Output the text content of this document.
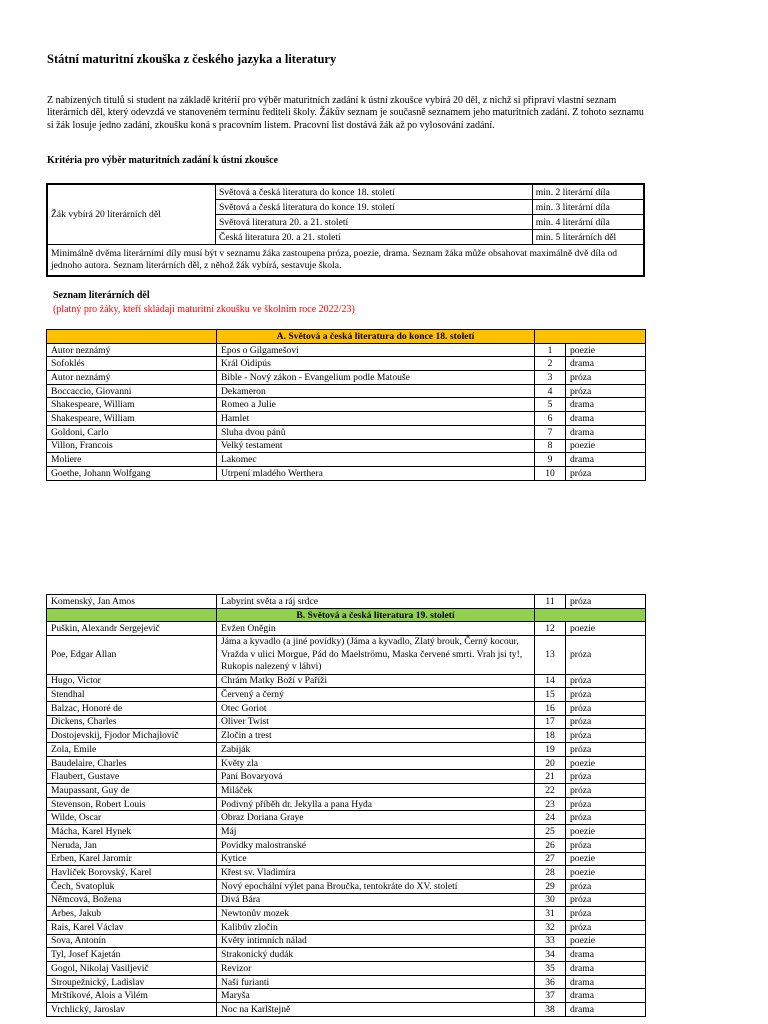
Státní maturitní zkouška z českého jazyka a literatury

Z nabízených titulů si student na základě kritérií pro výběr maturitních zadání k ústní zkoušce vybírá 20 děl, z nichž si připraví vlastní seznam literárních děl, který odevzdá ve stanoveném termínu řediteli školy. Žákův seznam je současně seznamem jeho maturitních zadání. Z tohoto seznamu si žák losuje jedno zadání, zkoušku koná s pracovním listem. Pracovní list dostává žák až po vylosování zadání.

Kritéria pro výběr maturitních zadání k ústní zkoušce

Žák vybírá 20 literárních děl	Světová a česká literatura do konce 18. století	min. 2 literární díla
	Světová a česká literatura do konce 19. století	min. 3 literární díla
	Světová literatura 20. a 21. století	min. 4 literární díla
	Česká literatura 20. a 21. století	min. 5 literárních děl
Minimálně dvěma literárními díly musí být v seznamu žáka zastoupena próza, poezie, drama. Seznam žáka může obsahovat maximálně dvě díla od jednoho autora. Seznam literárních děl, z něhož žák vybírá, sestavuje škola.		

Seznam literárních děl

(platný pro žáky, kteří skládají maturitní zkoušku ve školním roce 2022/23)

	A. Světová a česká literatura do konce 18. století		
Autor neznámý	Epos o Gilgamešovi	1	poezie
Sofoklés	Král Oidipús	2	drama
Autor neznámý	Bible - Nový zákon - Evangelium podle Matouše	3	próza
Boccaccio, Giovanni	Dekameron	4	próza
Shakespeare, William	Romeo a Julie	5	drama
Shakespeare, William	Hamlet	6	drama
Goldoni, Carlo	Sluha dvou pánů	7	drama
Villon, Francois	Velký testament	8	poezie
Moliere	Lakomec	9	drama
Goethe, Johann Wolfgang	Utrpení mladého Werthera	10	próza
Komenský, Jan Amos	Labyrint světa a ráj srdce	11	próza
	B. Světová a česká literatura 19. století		
Puškin, Alexandr Sergejevič	Evžen Oněgin	12	poezie
Poe, Edgar Allan	Jáma a kyvadlo (a jiné povídky) (Jáma a kyvadlo, Zlatý brouk, Černý kocour, Vražda v ulici Morgue, Pád do Maelströmu, Maska červené smrti. Vrah jsi ty!, Rukopis nalezený v láhvi)	13	próza
Hugo, Victor	Chrám Matky Boží v Paříži	14	próza
Stendhal	Červený a černý	15	próza
Balzac, Honoré de	Otec Goriot	16	próza
Dickens, Charles	Oliver Twist	17	próza
Dostojevskij, Fjodor Michajlovič	Zločin a trest	18	próza
Zola, Emile	Zabiják	19	próza
Baudelaire, Charles	Květy zla	20	poezie
Flaubert, Gustave	Paní Bovaryová	21	próza
Maupassant, Guy de	Miláček	22	próza
Stevenson, Robert Louis	Podivný příběh dr. Jekylla a pana Hyda	23	próza
Wilde, Oscar	Obraz Doriana Graye	24	próza
Mácha, Karel Hynek	Máj	25	poezie
Neruda, Jan	Povídky malostranské	26	próza
Erben, Karel Jaromír	Kytice	27	poezie
Havlíček Borovský, Karel	Křest sv. Vladimíra	28	poezie
Čech, Svatopluk	Nový epochální výlet pana Broučka, tentokráte do XV. století	29	próza
Němcová, Božena	Divá Bára	30	próza
Arbes, Jakub	Newtonův mozek	31	próza
Rais, Karel Václav	Kalibův zločin	32	próza
Sova, Antonín	Květy intimních nálad	33	poezie
Tyl, Josef Kajetán	Strakonický dudák	34	drama
Gogol, Nikolaj Vasiljevič	Revizor	35	drama
Stroupežnický, Ladislav	Naši furianti	36	drama
Mrštíkové, Alois a Vilém	Maryša	37	drama
Vrchlický, Jaroslav	Noc na Karlštejně	38	drama
